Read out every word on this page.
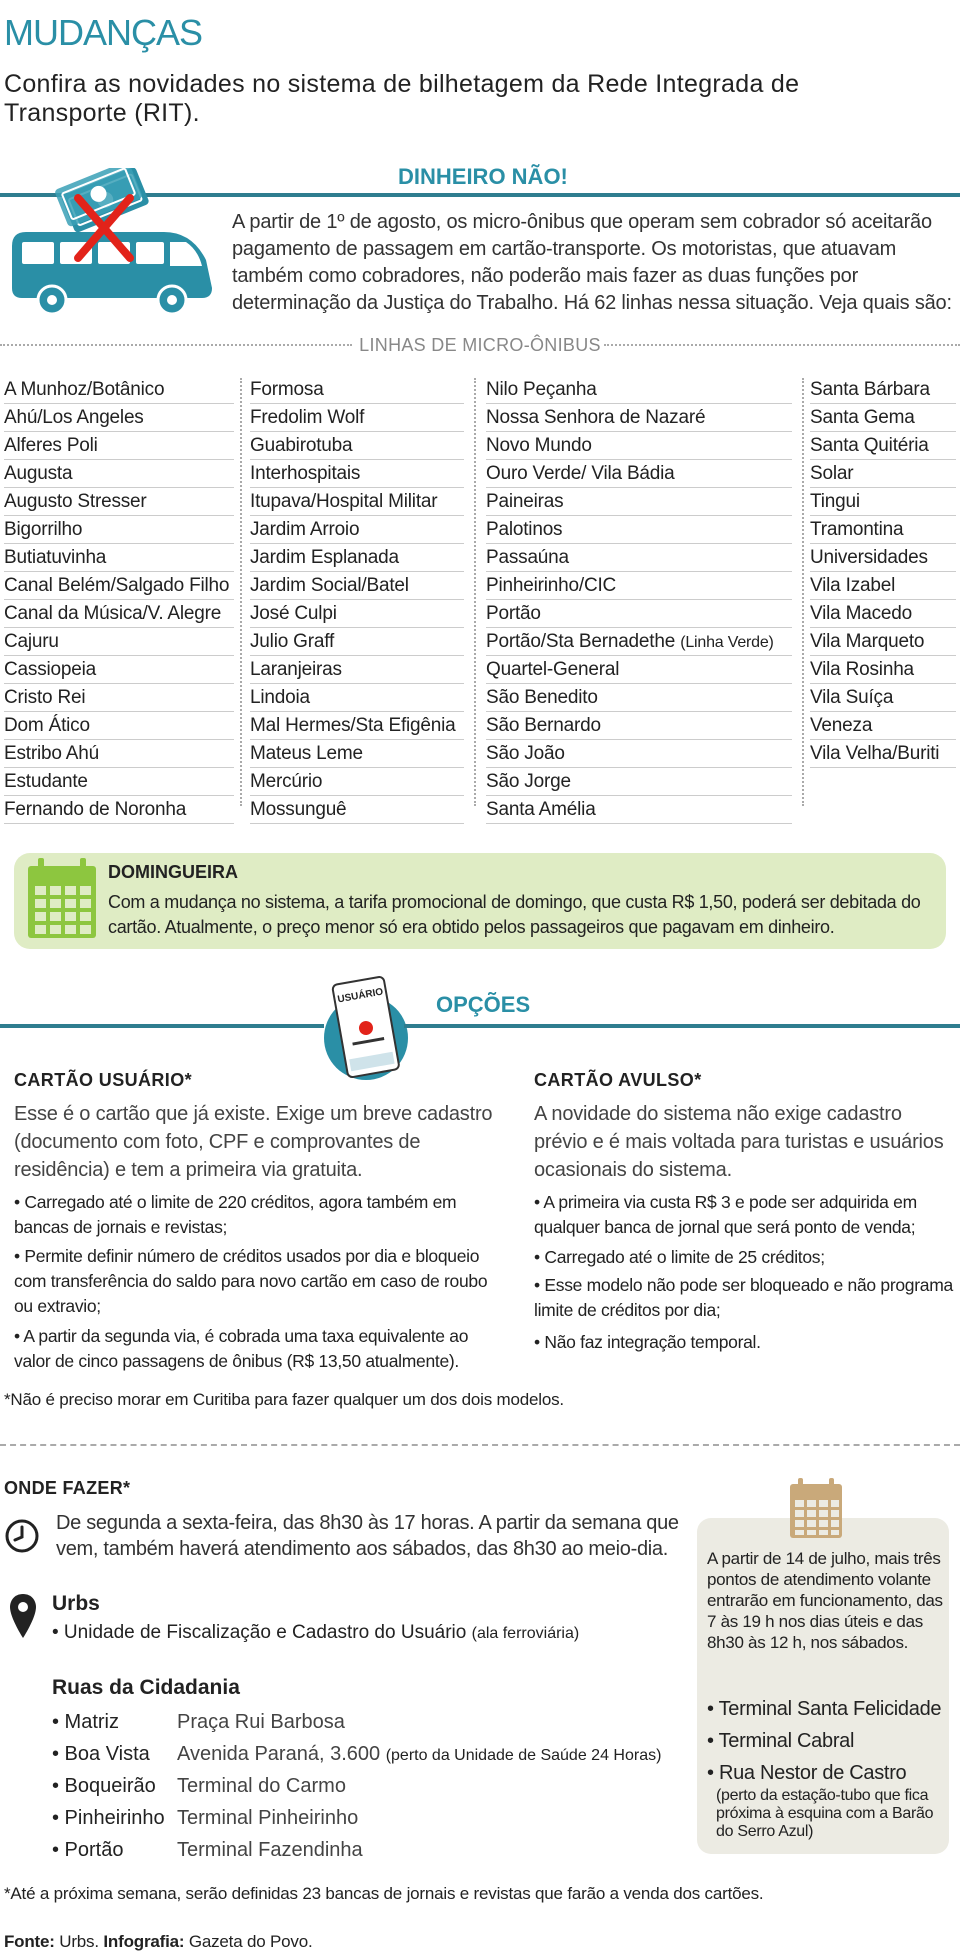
MUDANÇAS
Confira as novidades no sistema de bilhetagem da Rede Integrada de Transporte (RIT).
DINHEIRO NÃO!
A partir de 1º de agosto, os micro-ônibus que operam sem cobrador só aceitarão pagamento de passagem em cartão-transporte. Os motoristas, que atuavam também como cobradores, não poderão mais fazer as duas funções por determinação da Justiça do Trabalho. Há 62 linhas nessa situação. Veja quais são:
LINHAS DE MICRO-ÔNIBUS
A Munhoz/Botânico
Ahú/Los Angeles
Alferes Poli
Augusta
Augusto Stresser
Bigorrilho
Butiatuvinha
Canal Belém/Salgado Filho
Canal da Música/V. Alegre
Cajuru
Cassiopeia
Cristo Rei
Dom Ático
Estribo Ahú
Estudante
Fernando de Noronha
Formosa
Fredolim Wolf
Guabirotuba
Interhospitais
Itupava/Hospital Militar
Jardim Arroio
Jardim Esplanada
Jardim Social/Batel
José Culpi
Julio Graff
Laranjeiras
Lindoia
Mal Hermes/Sta Efigênia
Mateus Leme
Mercúrio
Mossunguê
Nilo Peçanha
Nossa Senhora de Nazaré
Novo Mundo
Ouro Verde/ Vila Bádia
Paineiras
Palotinos
Passaúna
Pinheirinho/CIC
Portão
Portão/Sta Bernadethe (Linha Verde)
Quartel-General
São Benedito
São Bernardo
São João
São Jorge
Santa Amélia
Santa Bárbara
Santa Gema
Santa Quitéria
Solar
Tingui
Tramontina
Universidades
Vila Izabel
Vila Macedo
Vila Marqueto
Vila Rosinha
Vila Suíça
Veneza
Vila Velha/Buriti
DOMINGUEIRA
Com a mudança no sistema, a tarifa promocional de domingo, que custa R$ 1,50, poderá ser debitada do cartão. Atualmente, o preço menor só era obtido pelos passageiros que pagavam em dinheiro.
USUÁRIO OPÇÕES
CARTÃO USUÁRIO*
Esse é o cartão que já existe. Exige um breve cadastro (documento com foto, CPF e comprovantes de residência) e tem a primeira via gratuita.
• Carregado até o limite de 220 créditos, agora também em bancas de jornais e revistas;
• Permite definir número de créditos usados por dia e bloqueio com transferência do saldo para novo cartão em caso de roubo ou extravio;
• A partir da segunda via, é cobrada uma taxa equivalente ao valor de cinco passagens de ônibus (R$ 13,50 atualmente).
CARTÃO AVULSO*
A novidade do sistema não exige cadastro prévio e é mais voltada para turistas e usuários ocasionais do sistema.
• A primeira via custa R$ 3 e pode ser adquirida em qualquer banca de jornal que será ponto de venda;
• Carregado até o limite de 25 créditos;
• Esse modelo não pode ser bloqueado e não programa limite de créditos por dia;
• Não faz integração temporal.
*Não é preciso morar em Curitiba para fazer qualquer um dos dois modelos.
ONDE FAZER*
De segunda a sexta-feira, das 8h30 às 17 horas. A partir da semana que vem, também haverá atendimento aos sábados, das 8h30 ao meio-dia.
Urbs
• Unidade de Fiscalização e Cadastro do Usuário (ala ferroviária)
Ruas da Cidadania
• Matriz	Praça Rui Barbosa
• Boa Vista Avenida Paraná, 3.600 (perto da Unidade de Saúde 24 Horas)
• Boqueirão Terminal do Carmo
• Pinheirinho Terminal Pinheirinho
• Portão	Terminal Fazendinha
A partir de 14 de julho, mais três pontos de atendimento volante entrarão em funcionamento, das 7 às 19 h nos dias úteis e das 8h30 às 12 h, nos sábados.
• Terminal Santa Felicidade
• Terminal Cabral
• Rua Nestor de Castro
(perto da estação-tubo que fica próxima à esquina com a Barão do Serro Azul)
*Até a próxima semana, serão definidas 23 bancas de jornais e revistas que farão a venda dos cartões.
Fonte: Urbs. Infografia: Gazeta do Povo.
